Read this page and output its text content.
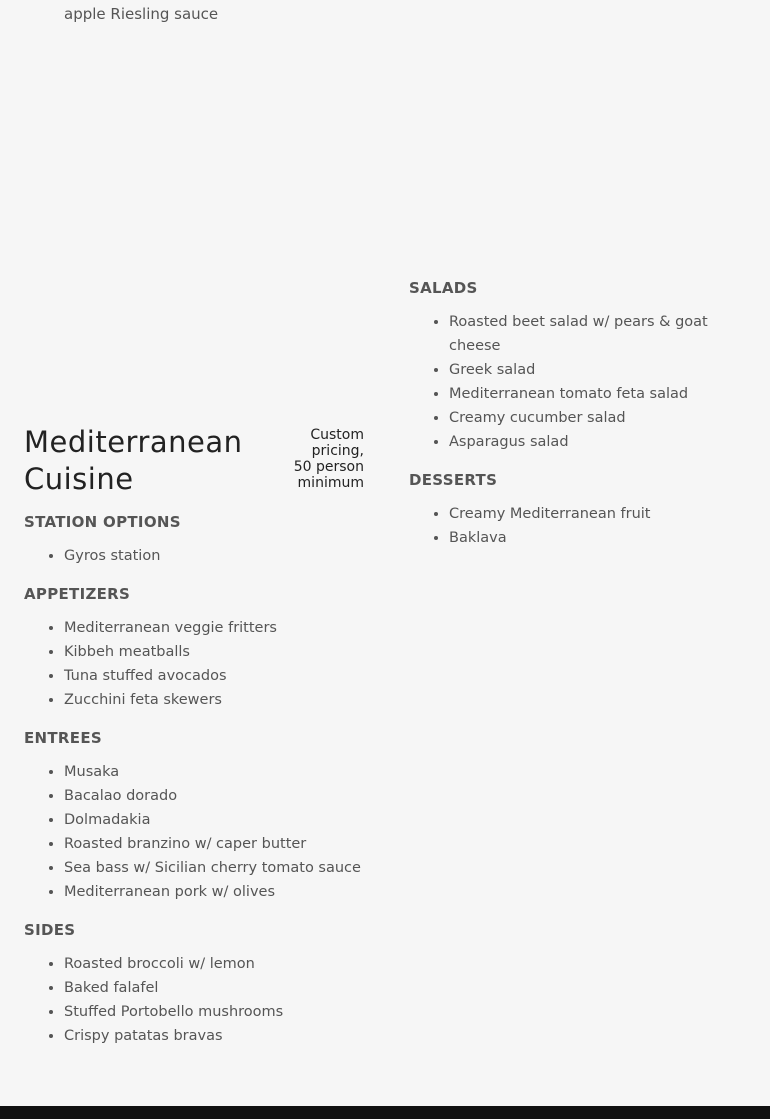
apple Riesling sauce
Mediterranean Cuisine
Custom pricing, 50 person minimum
STATION OPTIONS
• Gyros station
APPETIZERS
• Mediterranean veggie fritters
• Kibbeh meatballs
• Tuna stuffed avocados
• Zucchini feta skewers
ENTREES
• Musaka
• Bacalao dorado
• Dolmadakia
• Roasted branzino w/ caper butter
• Sea bass w/ Sicilian cherry tomato sauce
• Mediterranean pork w/ olives
SIDES
• Roasted broccoli w/ lemon
• Baked falafel
• Stuffed Portobello mushrooms
• Crispy patatas bravas
SALADS
• Roasted beet salad w/ pears & goat cheese
• Greek salad
• Mediterranean tomato feta salad
• Creamy cucumber salad
• Asparagus salad
DESSERTS
• Creamy Mediterranean fruit
• Baklava
